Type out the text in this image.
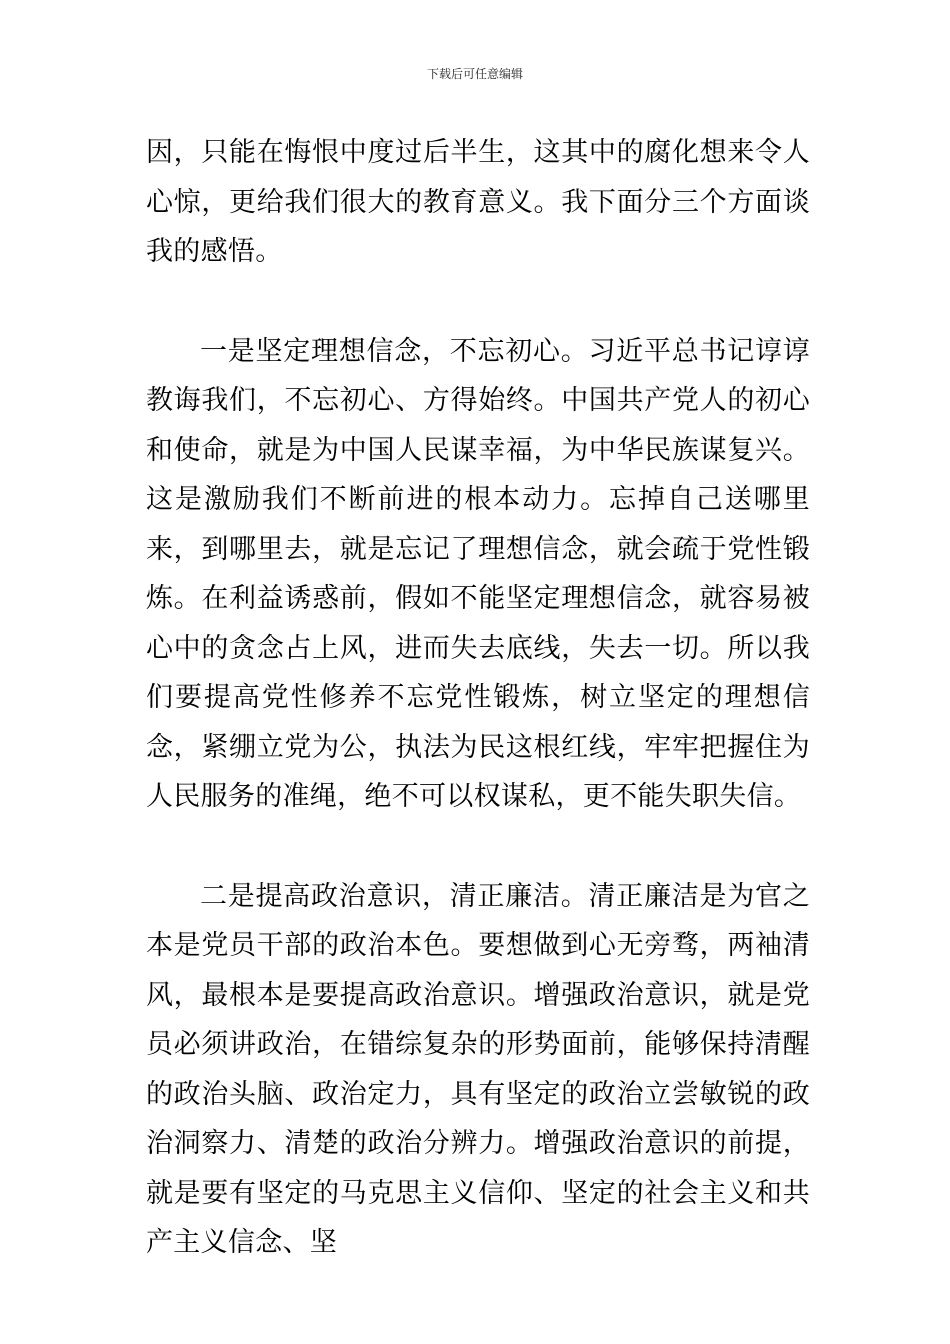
下载后可任意编辑

因，只能在悔恨中度过后半生，这其中的腐化想来令人心惊，更给我们很大的教育意义。我下面分三个方面谈我的感悟。

一是坚定理想信念，不忘初心。习近平总书记谆谆教诲我们，不忘初心、方得始终。中国共产党人的初心和使命，就是为中国人民谋幸福，为中华民族谋复兴。这是激励我们不断前进的根本动力。忘掉自己送哪里来，到哪里去，就是忘记了理想信念，就会疏于党性锻炼。在利益诱惑前，假如不能坚定理想信念，就容易被心中的贪念占上风，进而失去底线，失去一切。所以我们要提高党性修养不忘党性锻炼，树立坚定的理想信念，紧绷立党为公，执法为民这根红线，牢牢把握住为人民服务的准绳，绝不可以权谋私，更不能失职失信。

二是提高政治意识，清正廉洁。清正廉洁是为官之本是党员干部的政治本色。要想做到心无旁骛，两袖清风，最根本是要提高政治意识。增强政治意识，就是党员必须讲政治，在错综复杂的形势面前，能够保持清醒的政治头脑、政治定力，具有坚定的政治立尝敏锐的政治洞察力、清楚的政治分辨力。增强政治意识的前提，就是要有坚定的马克思主义信仰、坚定的社会主义和共产主义信念、坚
